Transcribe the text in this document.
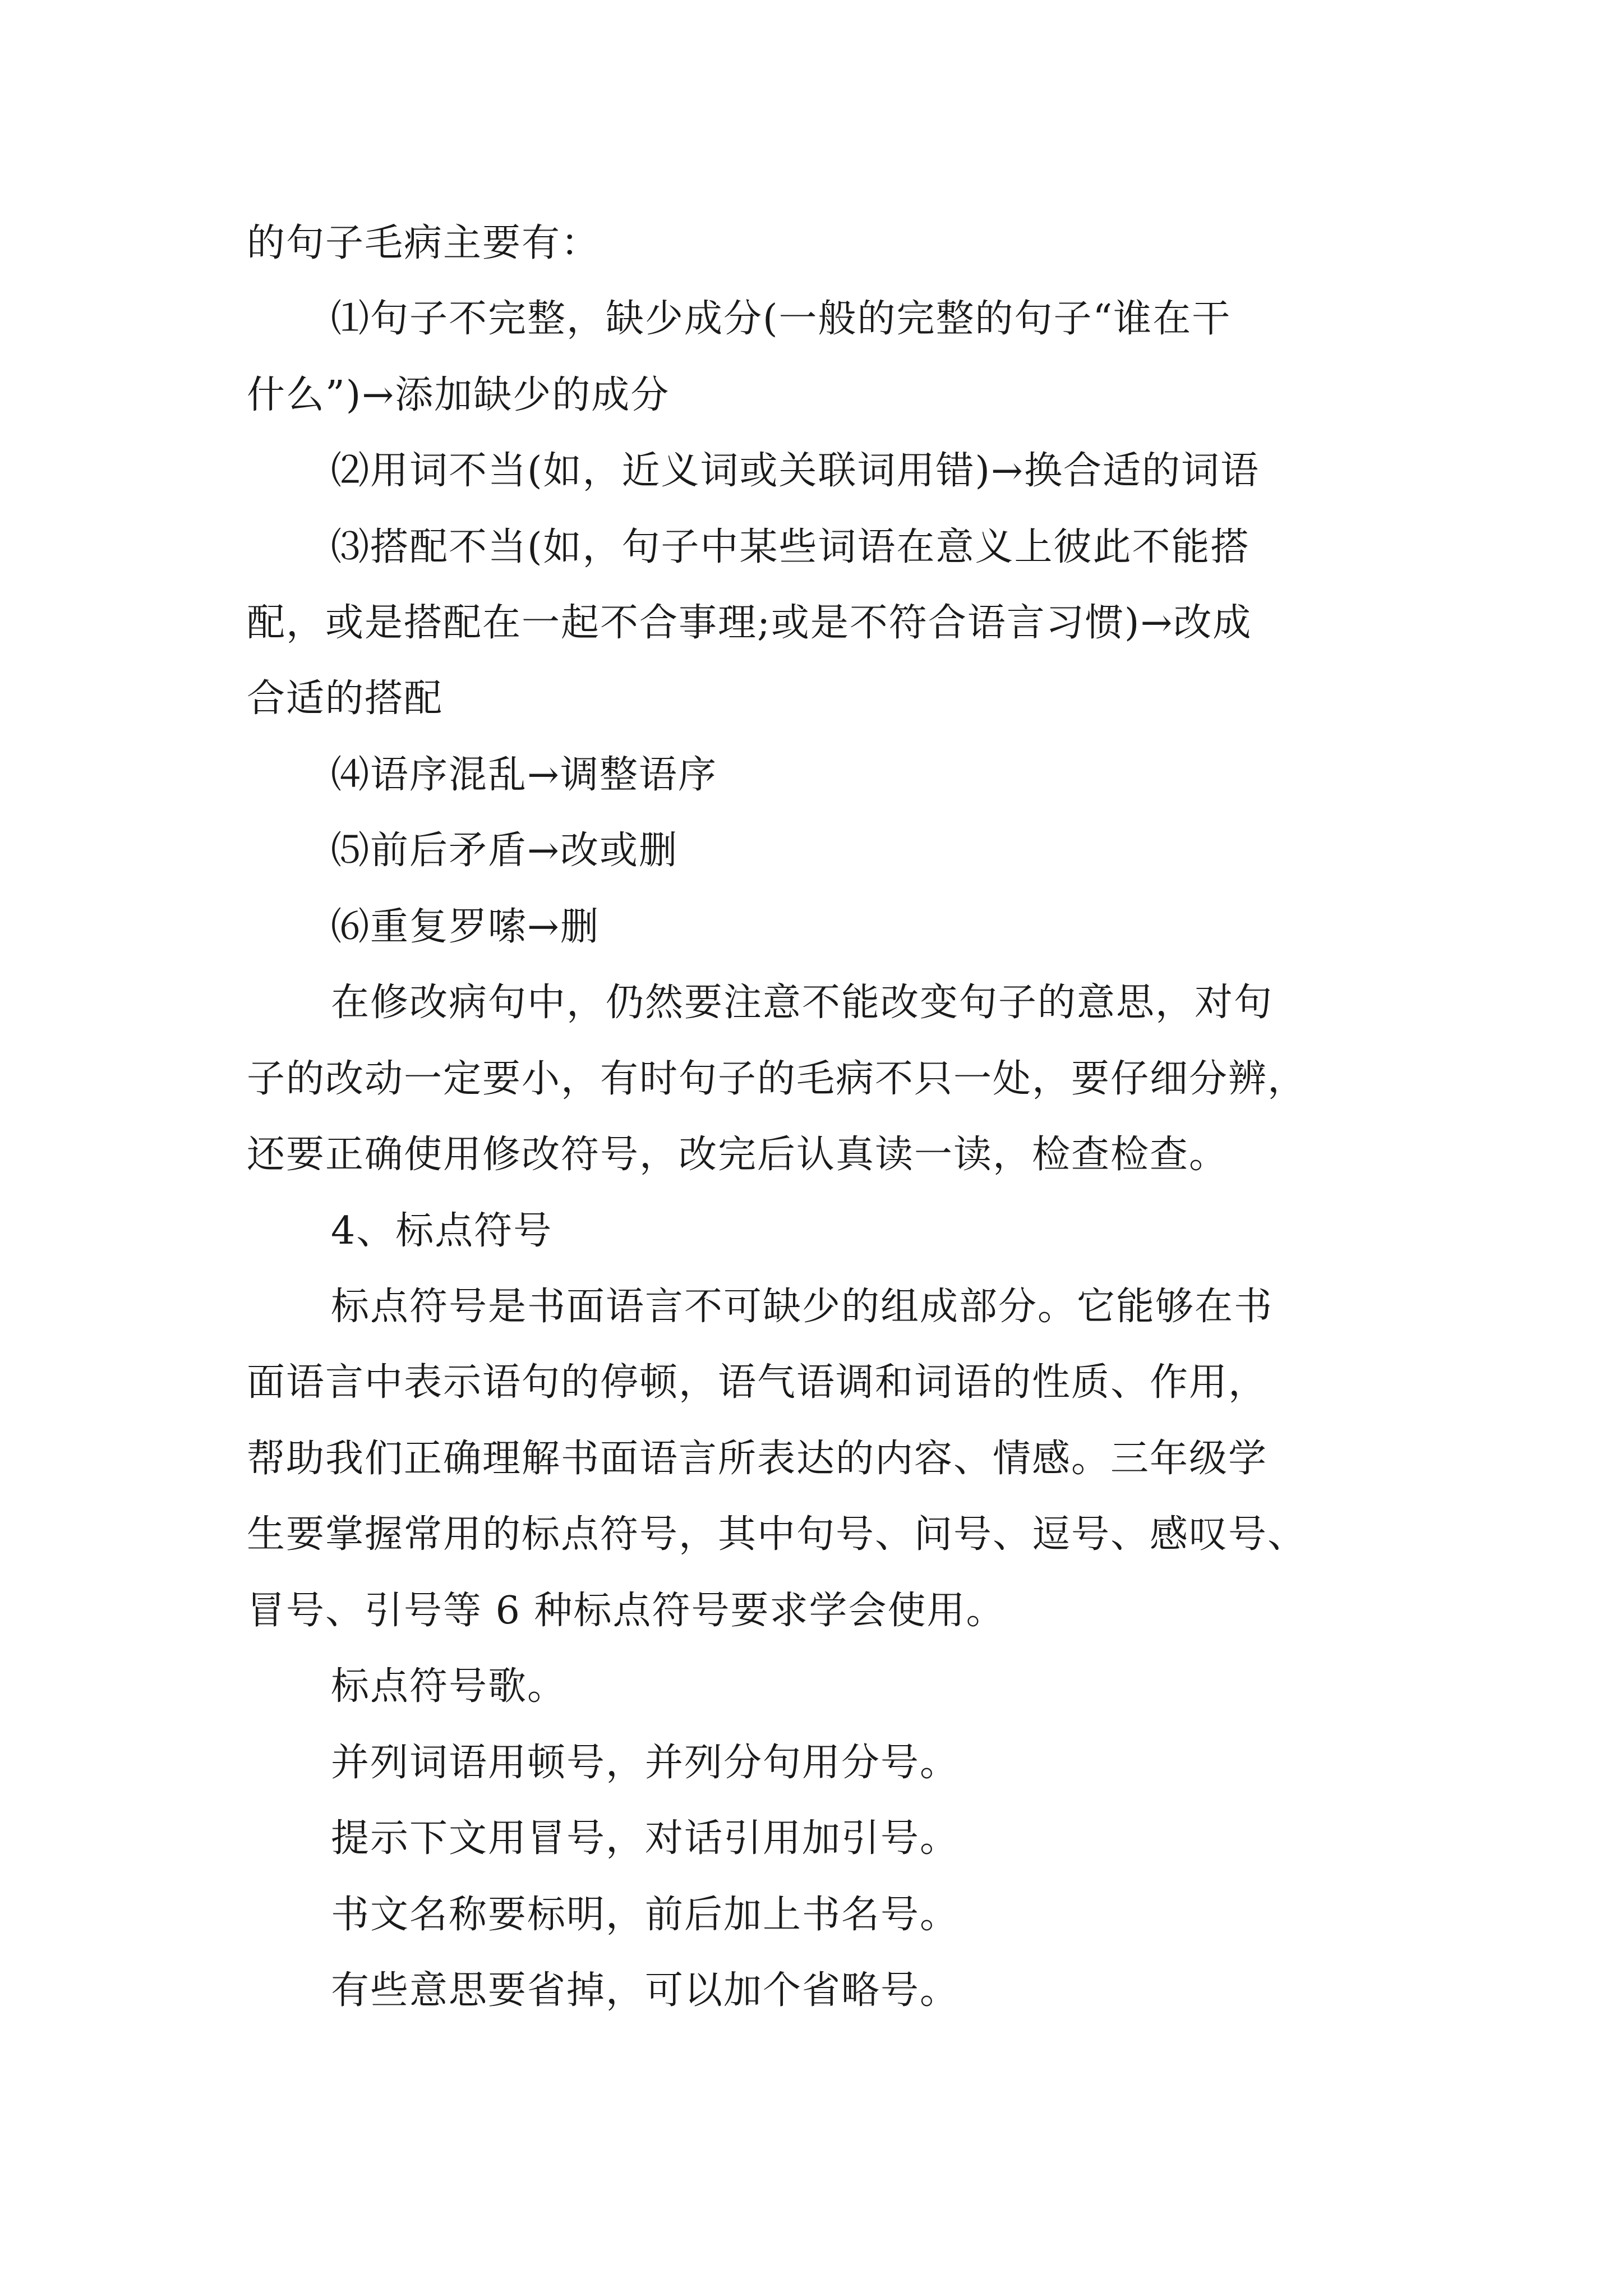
的句子毛病主要有：
⑴句子不完整，缺少成分(一般的完整的句子“谁在干
什么”)→添加缺少的成分
⑵用词不当(如，近义词或关联词用错)→换合适的词语
⑶搭配不当(如，句子中某些词语在意义上彼此不能搭
配，或是搭配在一起不合事理;或是不符合语言习惯)→改成
合适的搭配
⑷语序混乱→调整语序
⑸前后矛盾→改或删
⑹重复罗嗦→删
在修改病句中，仍然要注意不能改变句子的意思，对句
子的改动一定要小，有时句子的毛病不只一处，要仔细分辨，
还要正确使用修改符号，改完后认真读一读，检查检查。
4、标点符号
标点符号是书面语言不可缺少的组成部分。它能够在书
面语言中表示语句的停顿，语气语调和词语的性质、作用，
帮助我们正确理解书面语言所表达的内容、情感。三年级学
生要掌握常用的标点符号，其中句号、问号、逗号、感叹号、
冒号、引号等 6 种标点符号要求学会使用。
标点符号歌。
并列词语用顿号，并列分句用分号。
提示下文用冒号，对话引用加引号。
书文名称要标明，前后加上书名号。
有些意思要省掉，可以加个省略号。
